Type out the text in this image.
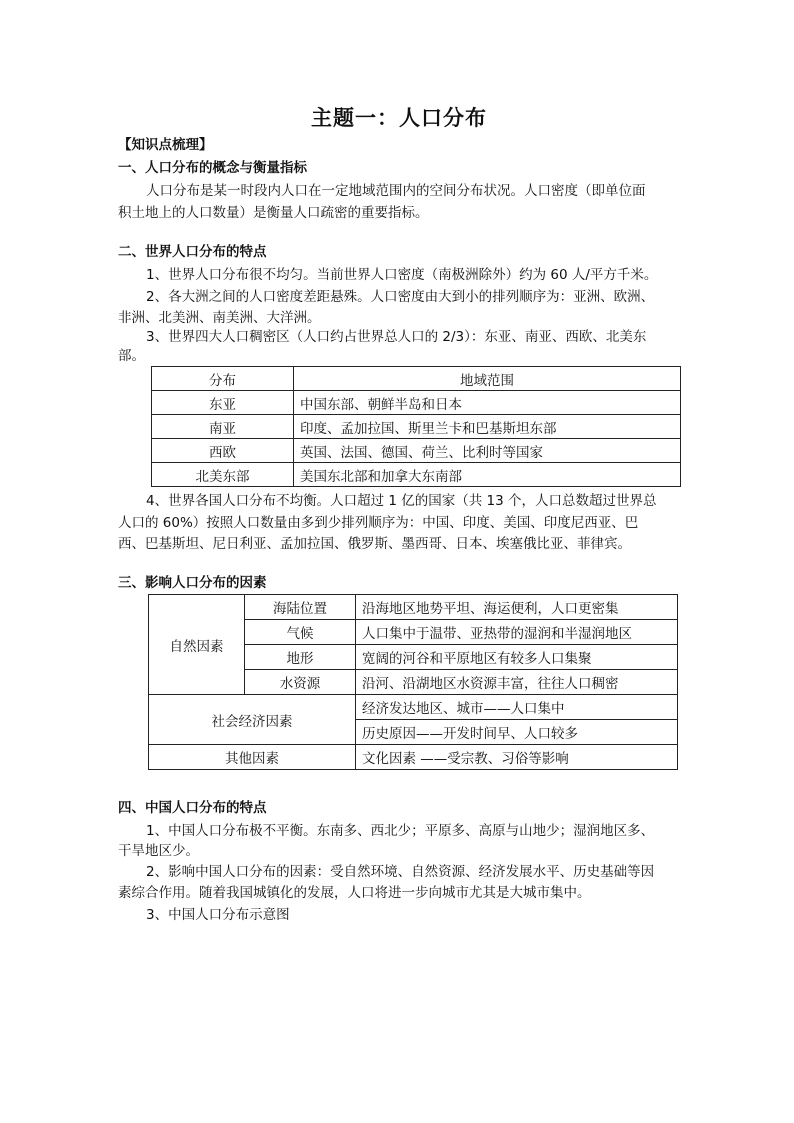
主题一：人口分布
【知识点梳理】
一、人口分布的概念与衡量指标
人口分布是某一时段内人口在一定地域范围内的空间分布状况。人口密度（即单位面
积土地上的人口数量）是衡量人口疏密的重要指标。
二、世界人口分布的特点
1、世界人口分布很不均匀。当前世界人口密度（南极洲除外）约为 60 人/平方千米。
2、各大洲之间的人口密度差距悬殊。人口密度由大到小的排列顺序为：亚洲、欧洲、
非洲、北美洲、南美洲、大洋洲。
3、世界四大人口稠密区（人口约占世界总人口的 2/3）：东亚、南亚、西欧、北美东
部。
分布	地域范围
东亚	中国东部、朝鲜半岛和日本
南亚	印度、孟加拉国、斯里兰卡和巴基斯坦东部
西欧	英国、法国、德国、荷兰、比利时等国家
北美东部	美国东北部和加拿大东南部
4、世界各国人口分布不均衡。人口超过 1 亿的国家（共 13 个，人口总数超过世界总
人口的 60%）按照人口数量由多到少排列顺序为：中国、印度、美国、印度尼西亚、巴
西、巴基斯坦、尼日利亚、孟加拉国、俄罗斯、墨西哥、日本、埃塞俄比亚、菲律宾。
三、影响人口分布的因素
自然因素	海陆位置	沿海地区地势平坦、海运便利，人口更密集
	气候	人口集中于温带、亚热带的湿润和半湿润地区
	地形	宽阔的河谷和平原地区有较多人口集聚
	水资源	沿河、沿湖地区水资源丰富，往往人口稠密
社会经济因素		经济发达地区、城市——人口集中
		历史原因——开发时间早、人口较多
其他因素		文化因素 ——受宗教、习俗等影响
四、中国人口分布的特点
1、中国人口分布极不平衡。东南多、西北少；平原多、高原与山地少；湿润地区多、
干旱地区少。
2、影响中国人口分布的因素：受自然环境、自然资源、经济发展水平、历史基础等因
素综合作用。随着我国城镇化的发展，人口将进一步向城市尤其是大城市集中。
3、中国人口分布示意图
